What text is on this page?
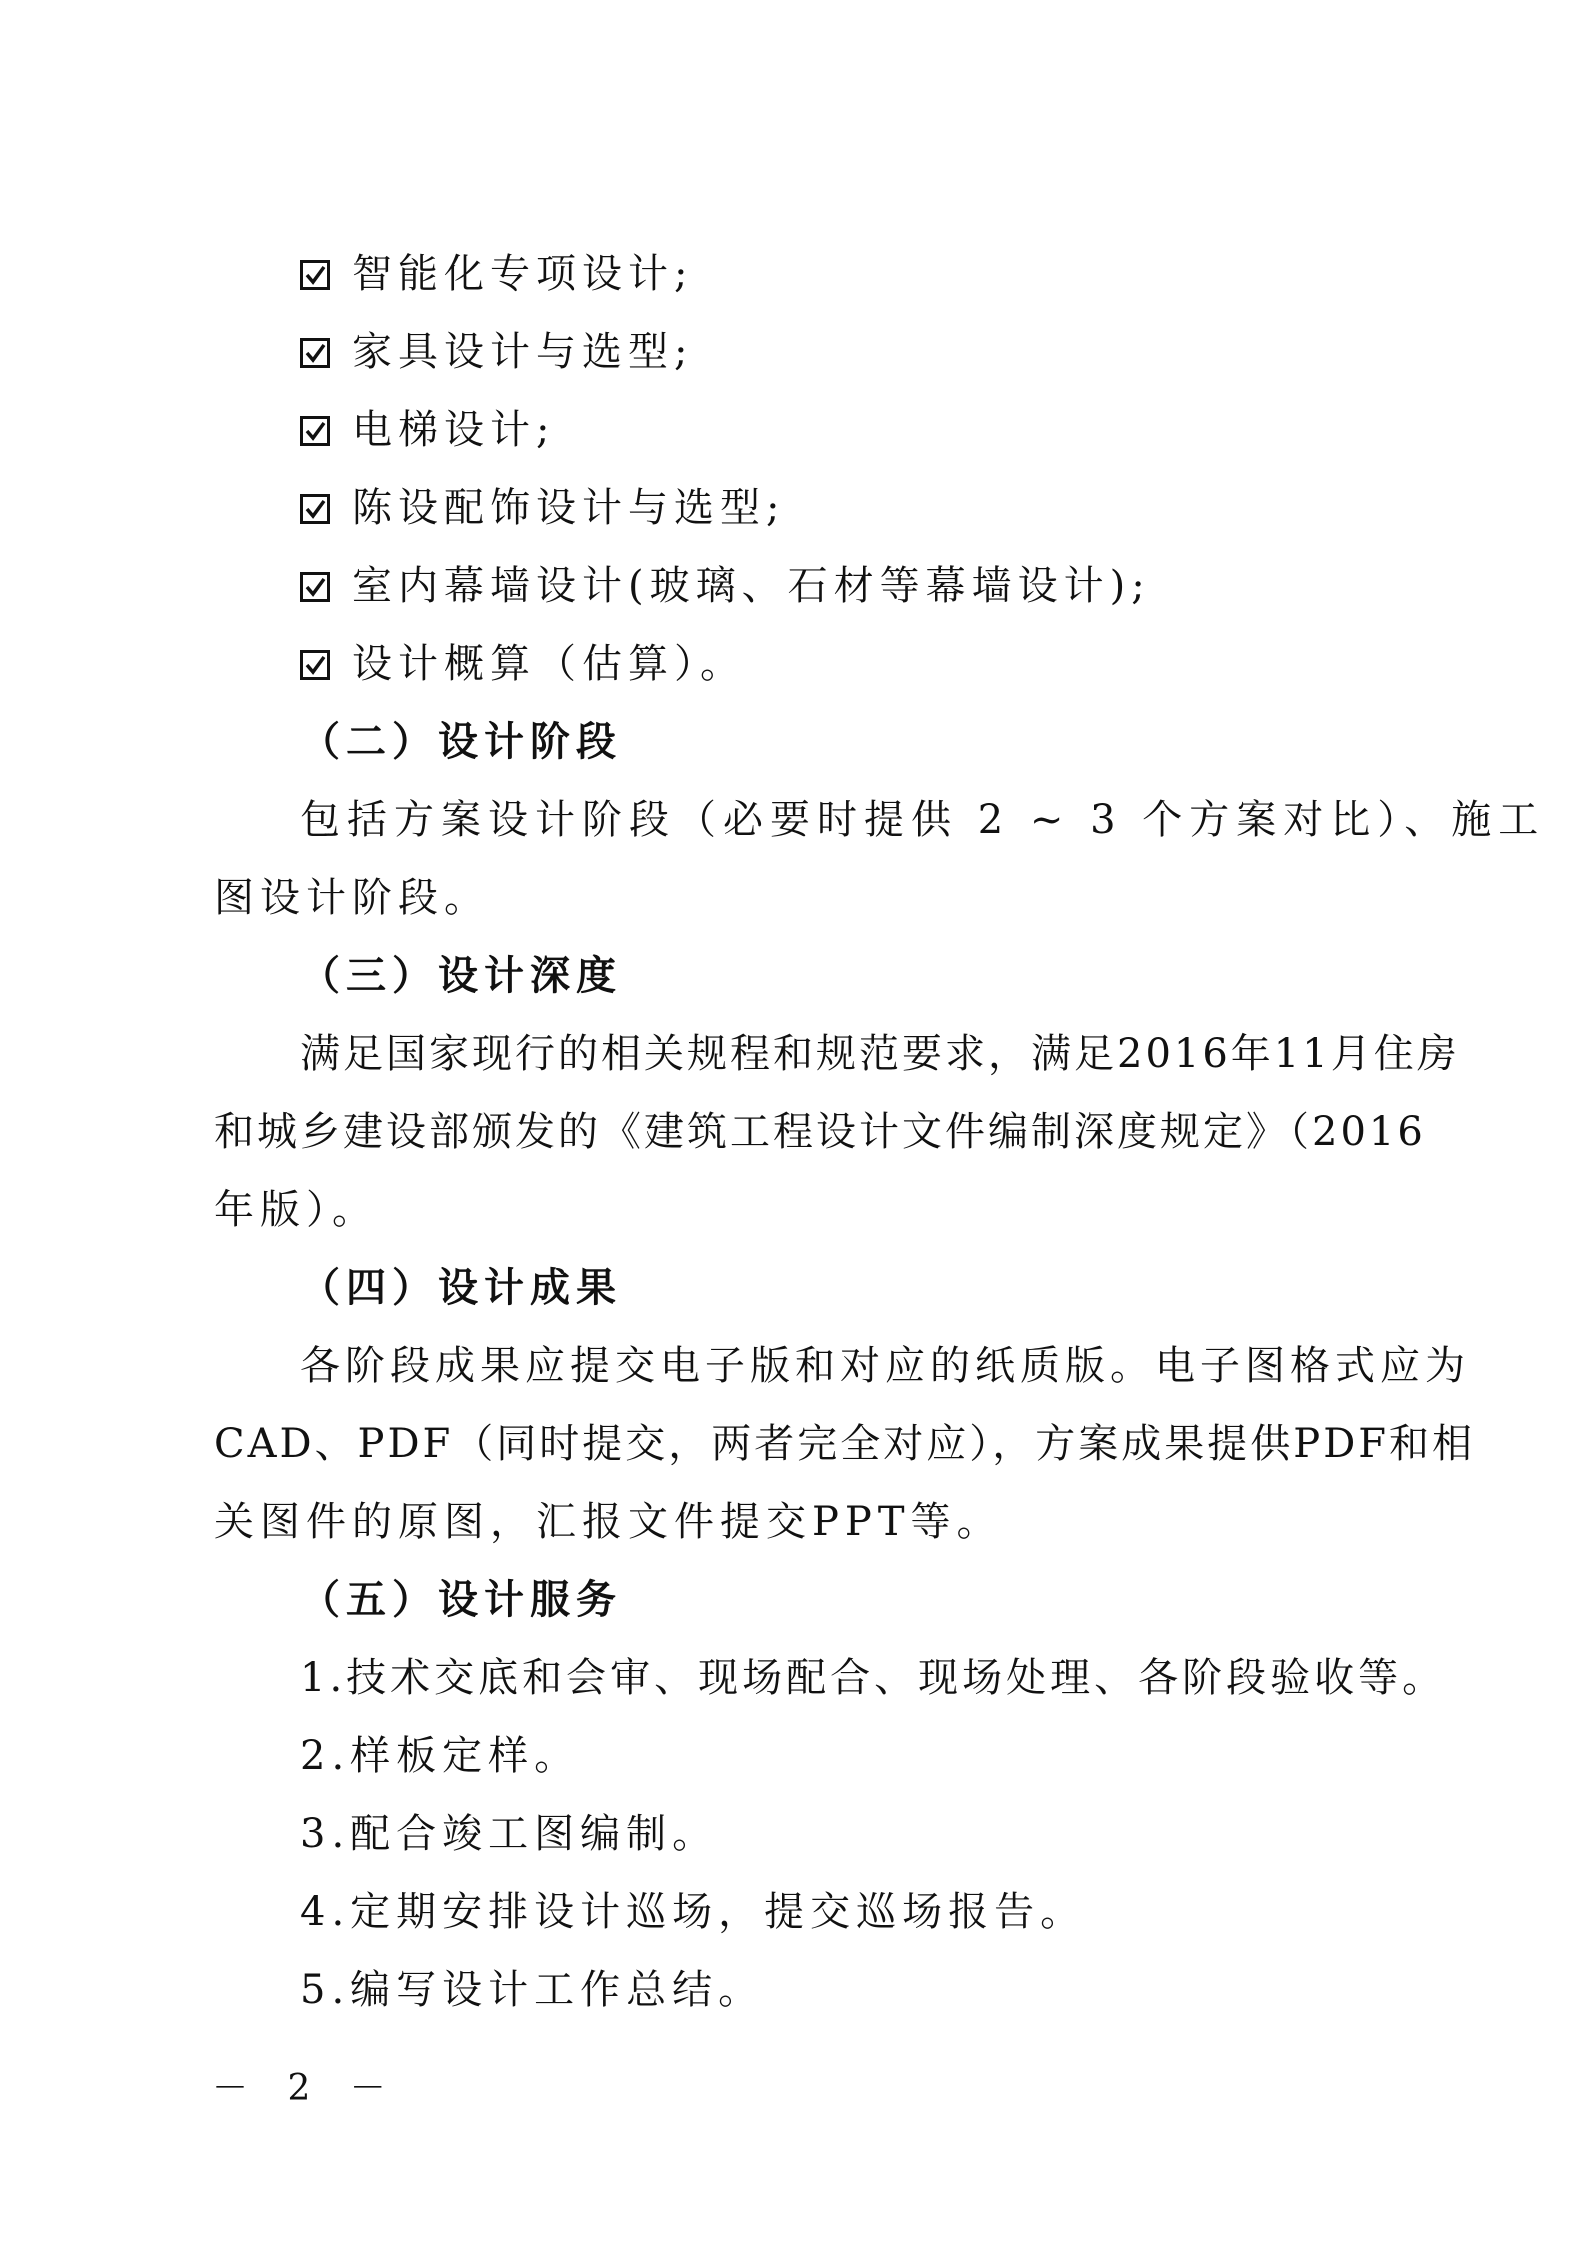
智能化专项设计;
家具设计与选型;
电梯设计;
陈设配饰设计与选型;
室内幕墙设计(玻璃、石材等幕墙设计);
设计概算（估算）。
（二）设计阶段
包括方案设计阶段（必要时提供 2 ~ 3 个方案对比）、施工
图设计阶段。
（三）设计深度
满足国家现行的相关规程和规范要求，满足2016年11月住房
和城乡建设部颁发的《建筑工程设计文件编制深度规定》（2016
年版）。
（四）设计成果
各阶段成果应提交电子版和对应的纸质版。电子图格式应为
CAD、PDF（同时提交，两者完全对应），方案成果提供PDF和相
关图件的原图，汇报文件提交PPT等。
（五）设计服务
1.技术交底和会审、现场配合、现场处理、各阶段验收等。
2.样板定样。
3.配合竣工图编制。
4.定期安排设计巡场，提交巡场报告。
5.编写设计工作总结。
－ 2 －
